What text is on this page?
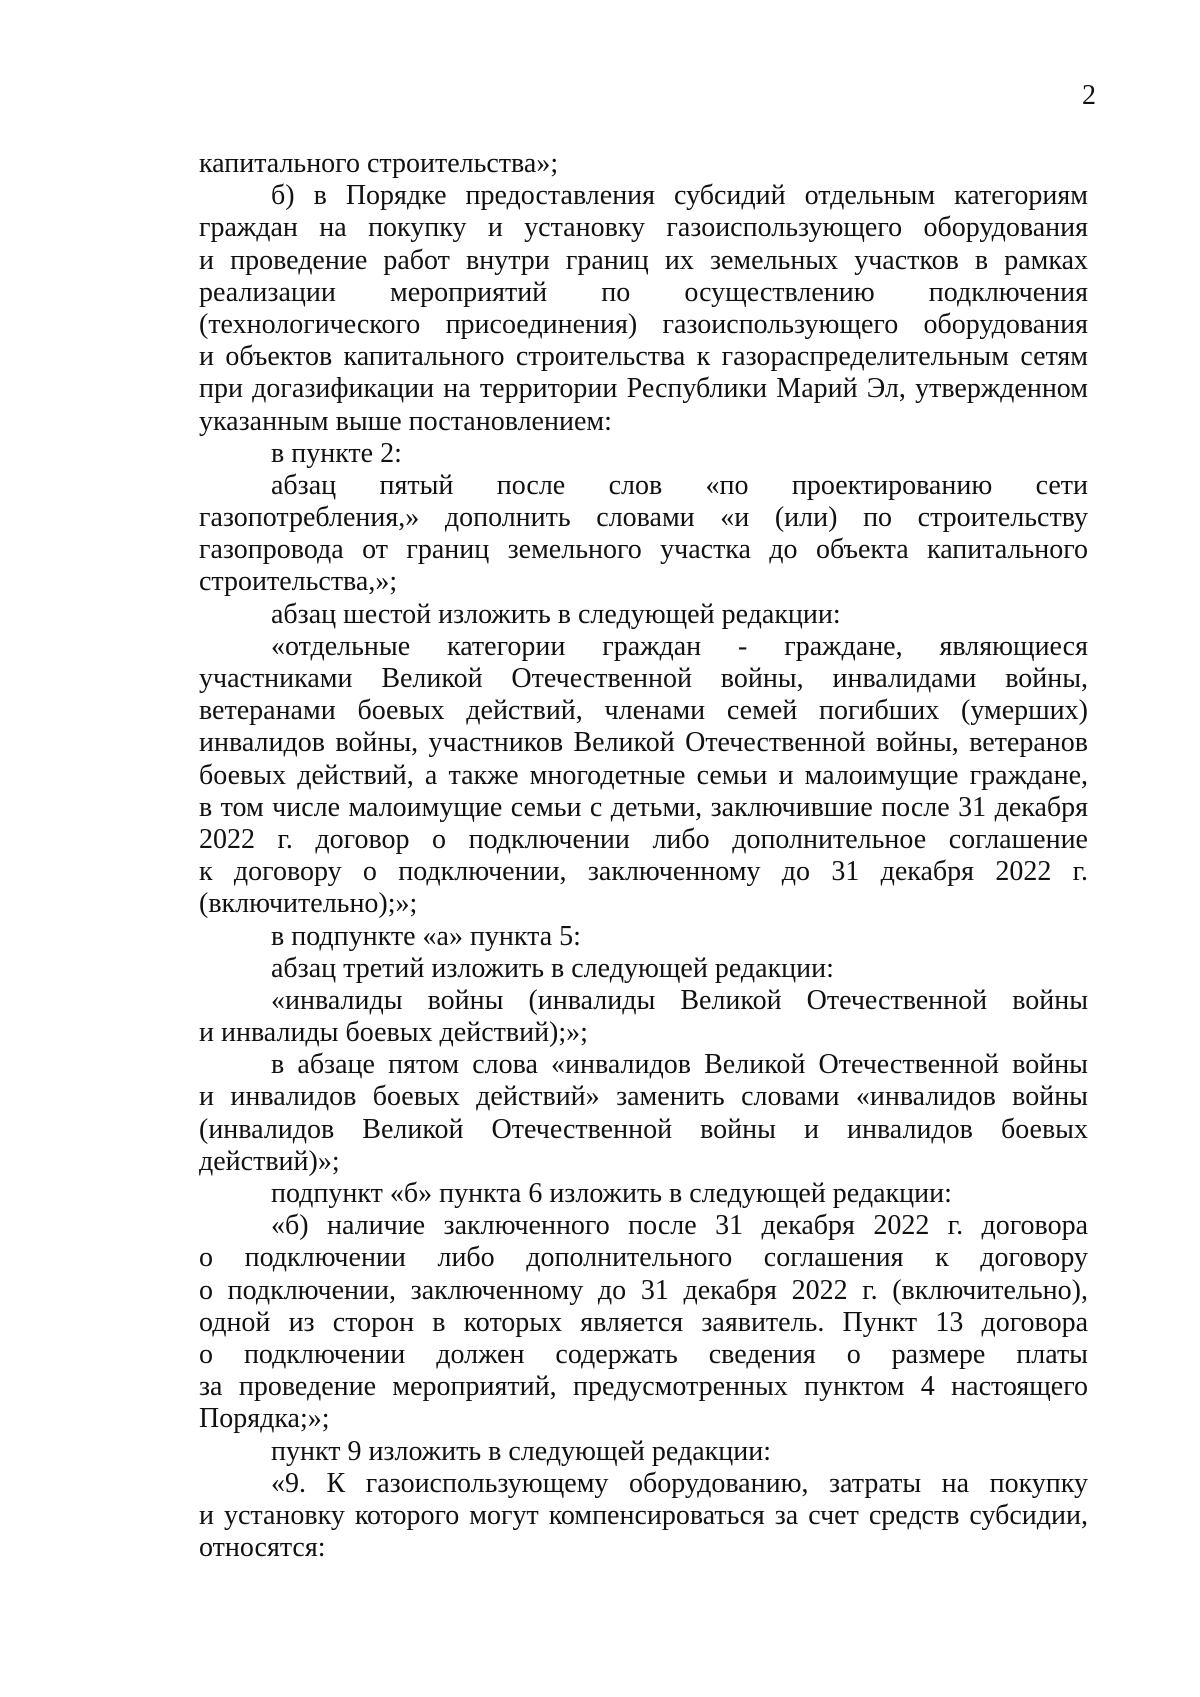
2
капитального строительства»;
б) в Порядке предоставления субсидий отдельным категориям
граждан на покупку и установку газоиспользующего оборудования
и проведение работ внутри границ их земельных участков в рамках
реализации мероприятий по осуществлению подключения
(технологического присоединения) газоиспользующего оборудования
и объектов капитального строительства к газораспределительным сетям
при догазификации на территории Республики Марий Эл, утвержденном
указанным выше постановлением:
в пункте 2:
абзац пятый после слов «по проектированию сети
газопотребления,» дополнить словами «и (или) по строительству
газопровода от границ земельного участка до объекта капитального
строительства,»;
абзац шестой изложить в следующей редакции:
«отдельные категории граждан - граждане, являющиеся
участниками Великой Отечественной войны, инвалидами войны,
ветеранами боевых действий, членами семей погибших (умерших)
инвалидов войны, участников Великой Отечественной войны, ветеранов
боевых действий, а также многодетные семьи и малоимущие граждане,
в том числе малоимущие семьи с детьми, заключившие после 31 декабря
2022 г. договор о подключении либо дополнительное соглашение
к договору о подключении, заключенному до 31 декабря 2022 г.
(включительно);»;
в подпункте «а» пункта 5:
абзац третий изложить в следующей редакции:
«инвалиды войны (инвалиды Великой Отечественной войны
и инвалиды боевых действий);»;
в абзаце пятом слова «инвалидов Великой Отечественной войны
и инвалидов боевых действий» заменить словами «инвалидов войны
(инвалидов Великой Отечественной войны и инвалидов боевых
действий)»;
подпункт «б» пункта 6 изложить в следующей редакции:
«б) наличие заключенного после 31 декабря 2022 г. договора
о подключении либо дополнительного соглашения к договору
о подключении, заключенному до 31 декабря 2022 г. (включительно),
одной из сторон в которых является заявитель. Пункт 13 договора
о подключении должен содержать сведения о размере платы
за проведение мероприятий, предусмотренных пунктом 4 настоящего
Порядка;»;
пункт 9 изложить в следующей редакции:
«9. К газоиспользующему оборудованию, затраты на покупку
и установку которого могут компенсироваться за счет средств субсидии,
относятся:
